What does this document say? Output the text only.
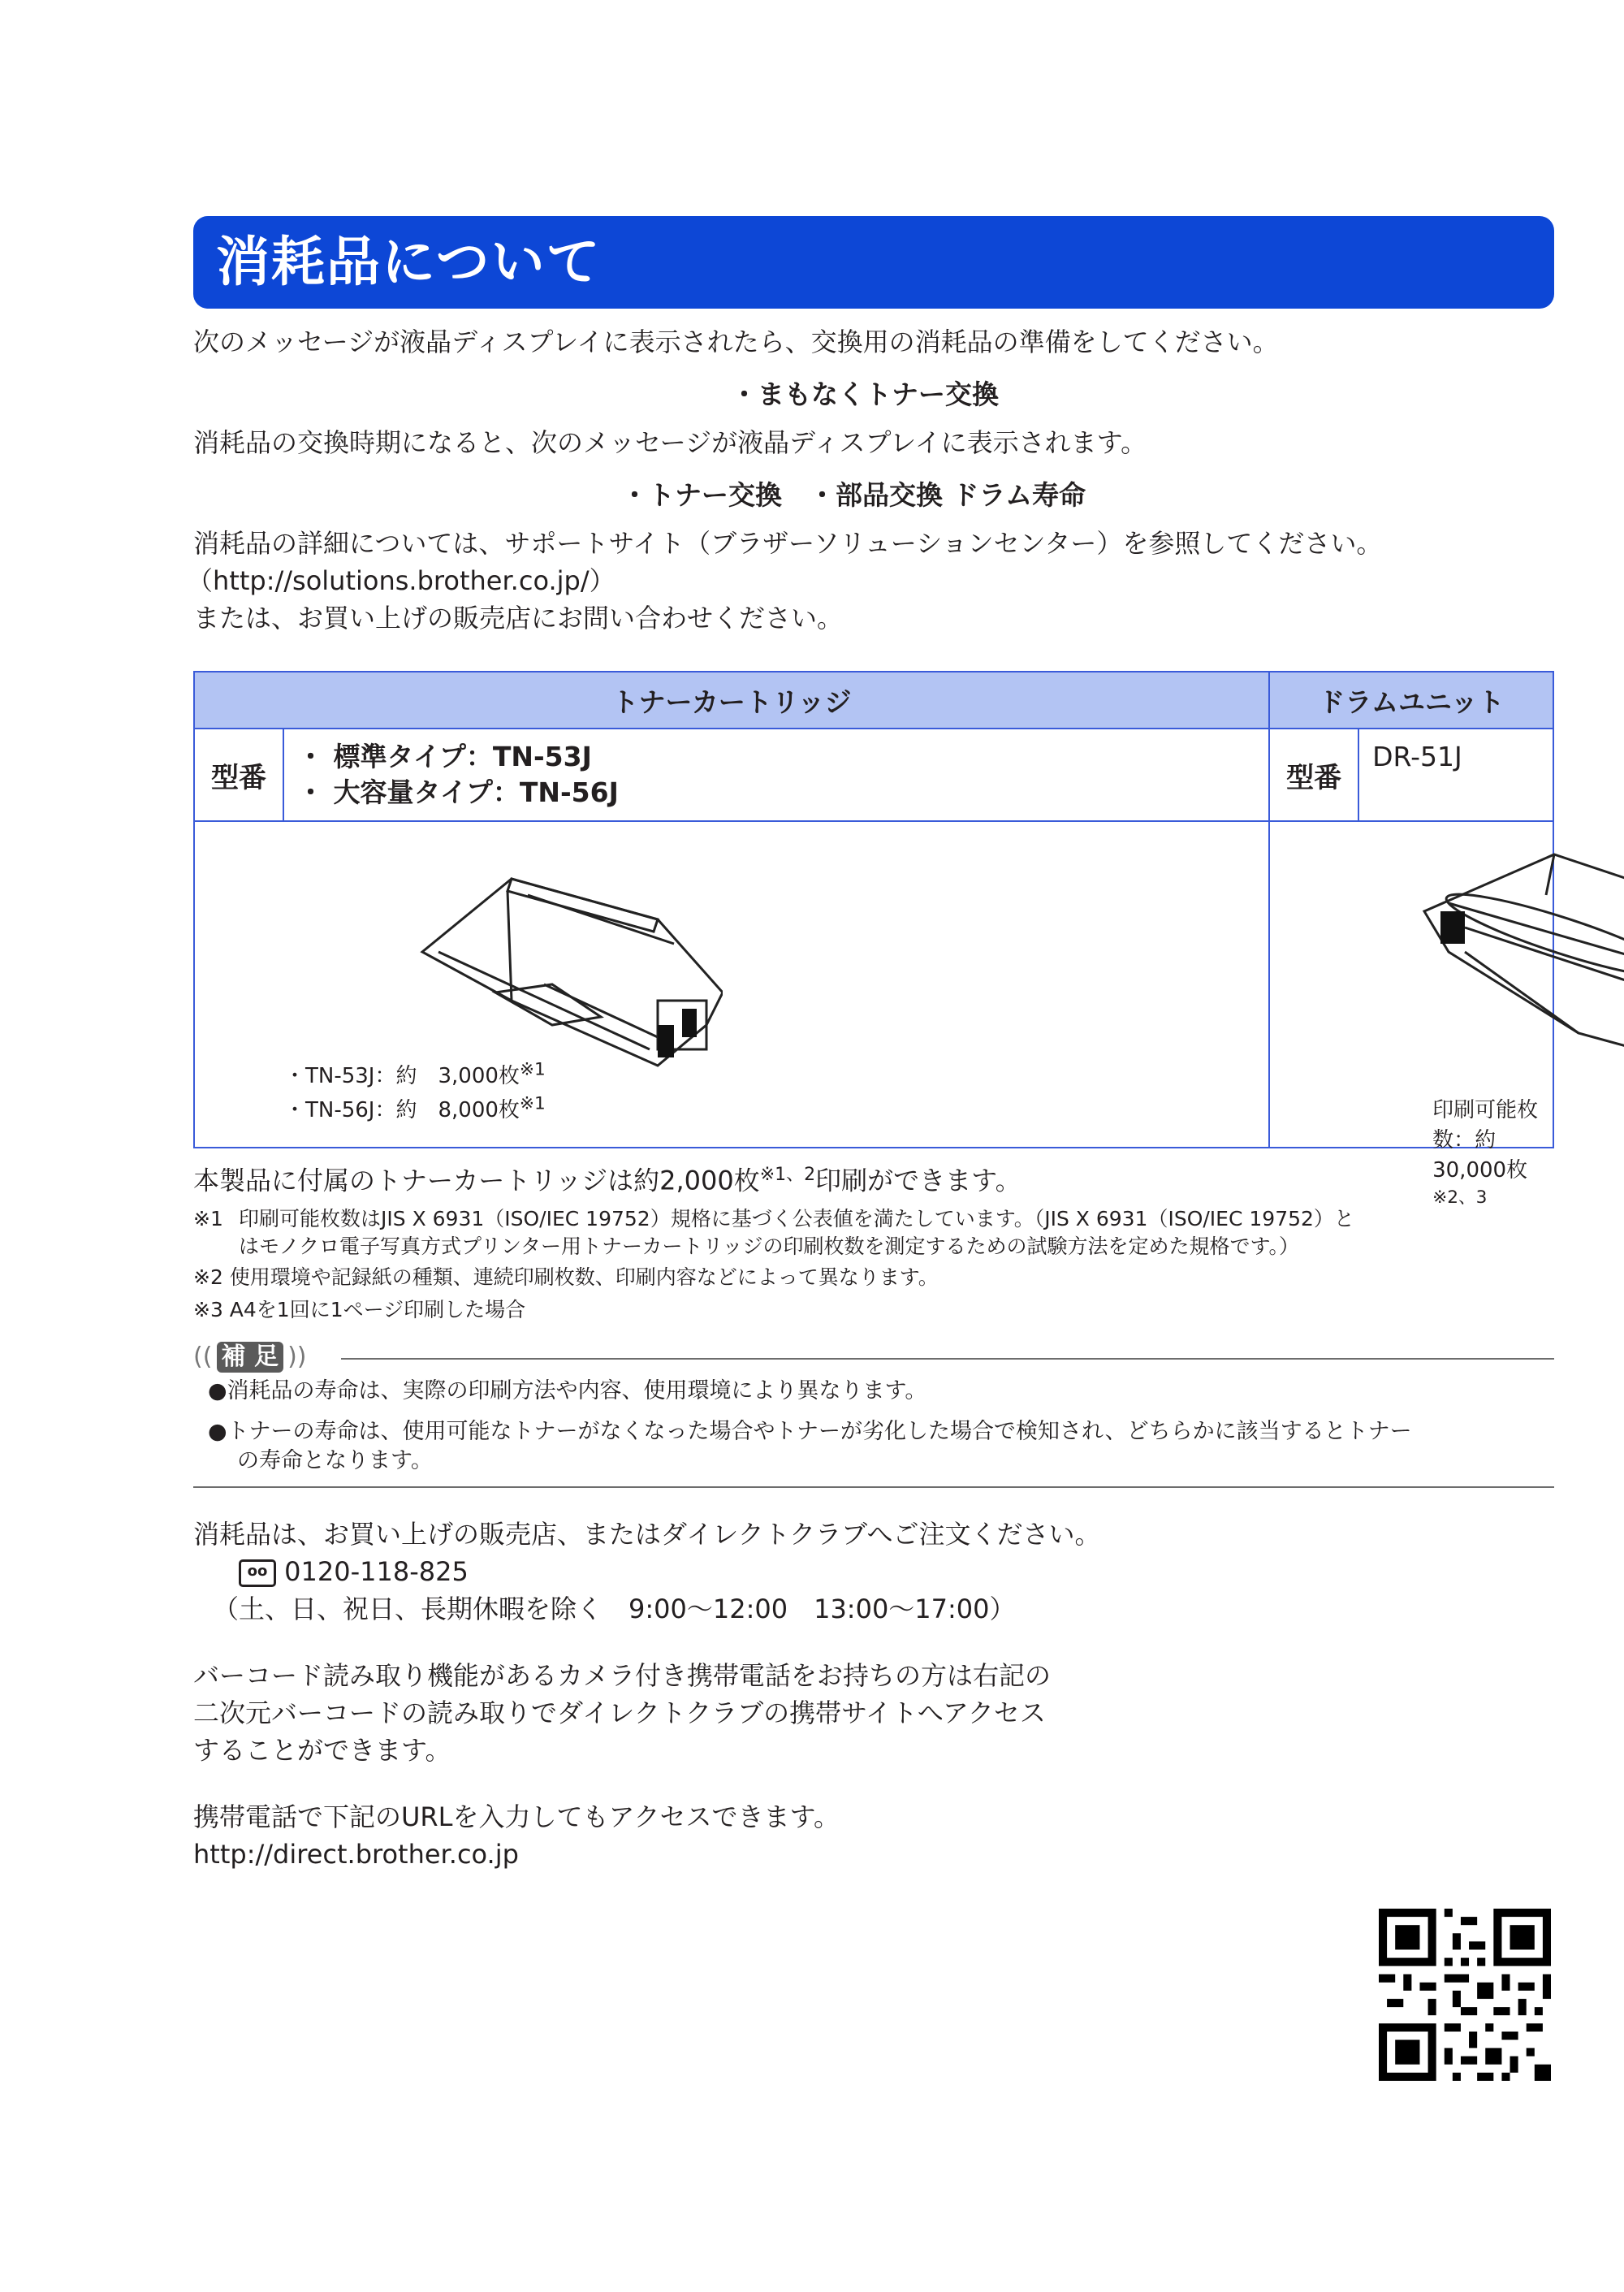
消耗品について
次のメッセージが液晶ディスプレイに表示されたら、交換用の消耗品の準備をしてください。
・まもなくトナー交換
消耗品の交換時期になると、次のメッセージが液晶ディスプレイに表示されます。
・トナー交換　・部品交換 ドラム寿命
消耗品の詳細については、サポートサイト（ブラザーソリューションセンター）を参照してください。
（http://solutions.brother.co.jp/）
または、お買い上げの販売店にお問い合わせください。
トナーカートリッジ		ドラムユニット	
型番	・ 標準タイプ：TN-53J
・ 大容量タイプ：TN-56J	型番	DR-51J

・TN-53J：約　3,000枚$^{※1}$
・TN-56J：約　8,000枚$^{※1}$		印刷可能枚数：約30,000枚$^{※2、3}$
本製品に付属のトナーカートリッジは約2,000枚$^{※1、2}$印刷ができます。
※1 印刷可能枚数はJIS X 6931（ISO/IEC 19752）規格に基づく公表値を満たしています。（JIS X 6931（ISO/IEC 19752）と
はモノクロ電子写真方式プリンター用トナーカートリッジの印刷枚数を測定するための試験方法を定めた規格です。）
※2 使用環境や記録紙の種類、連続印刷枚数、印刷内容などによって異なります。
※3 A4を1回に1ページ印刷した場合
(( 補 足 ))
●消耗品の寿命は、実際の印刷方法や内容、使用環境により異なります。
●トナーの寿命は、使用可能なトナーがなくなった場合やトナーが劣化した場合で検知され、どちらかに該当するとトナー
の寿命となります。
消耗品は、お買い上げの販売店、またはダイレクトクラブへご注文ください。
oo 0120-118-825
（土、日、祝日、長期休暇を除く　9:00～12:00　13:00～17:00）
バーコード読み取り機能があるカメラ付き携帯電話をお持ちの方は右記の
二次元バーコードの読み取りでダイレクトクラブの携帯サイトへアクセス
することができます。
携帯電話で下記のURLを入力してもアクセスできます。
http://direct.brother.co.jp
